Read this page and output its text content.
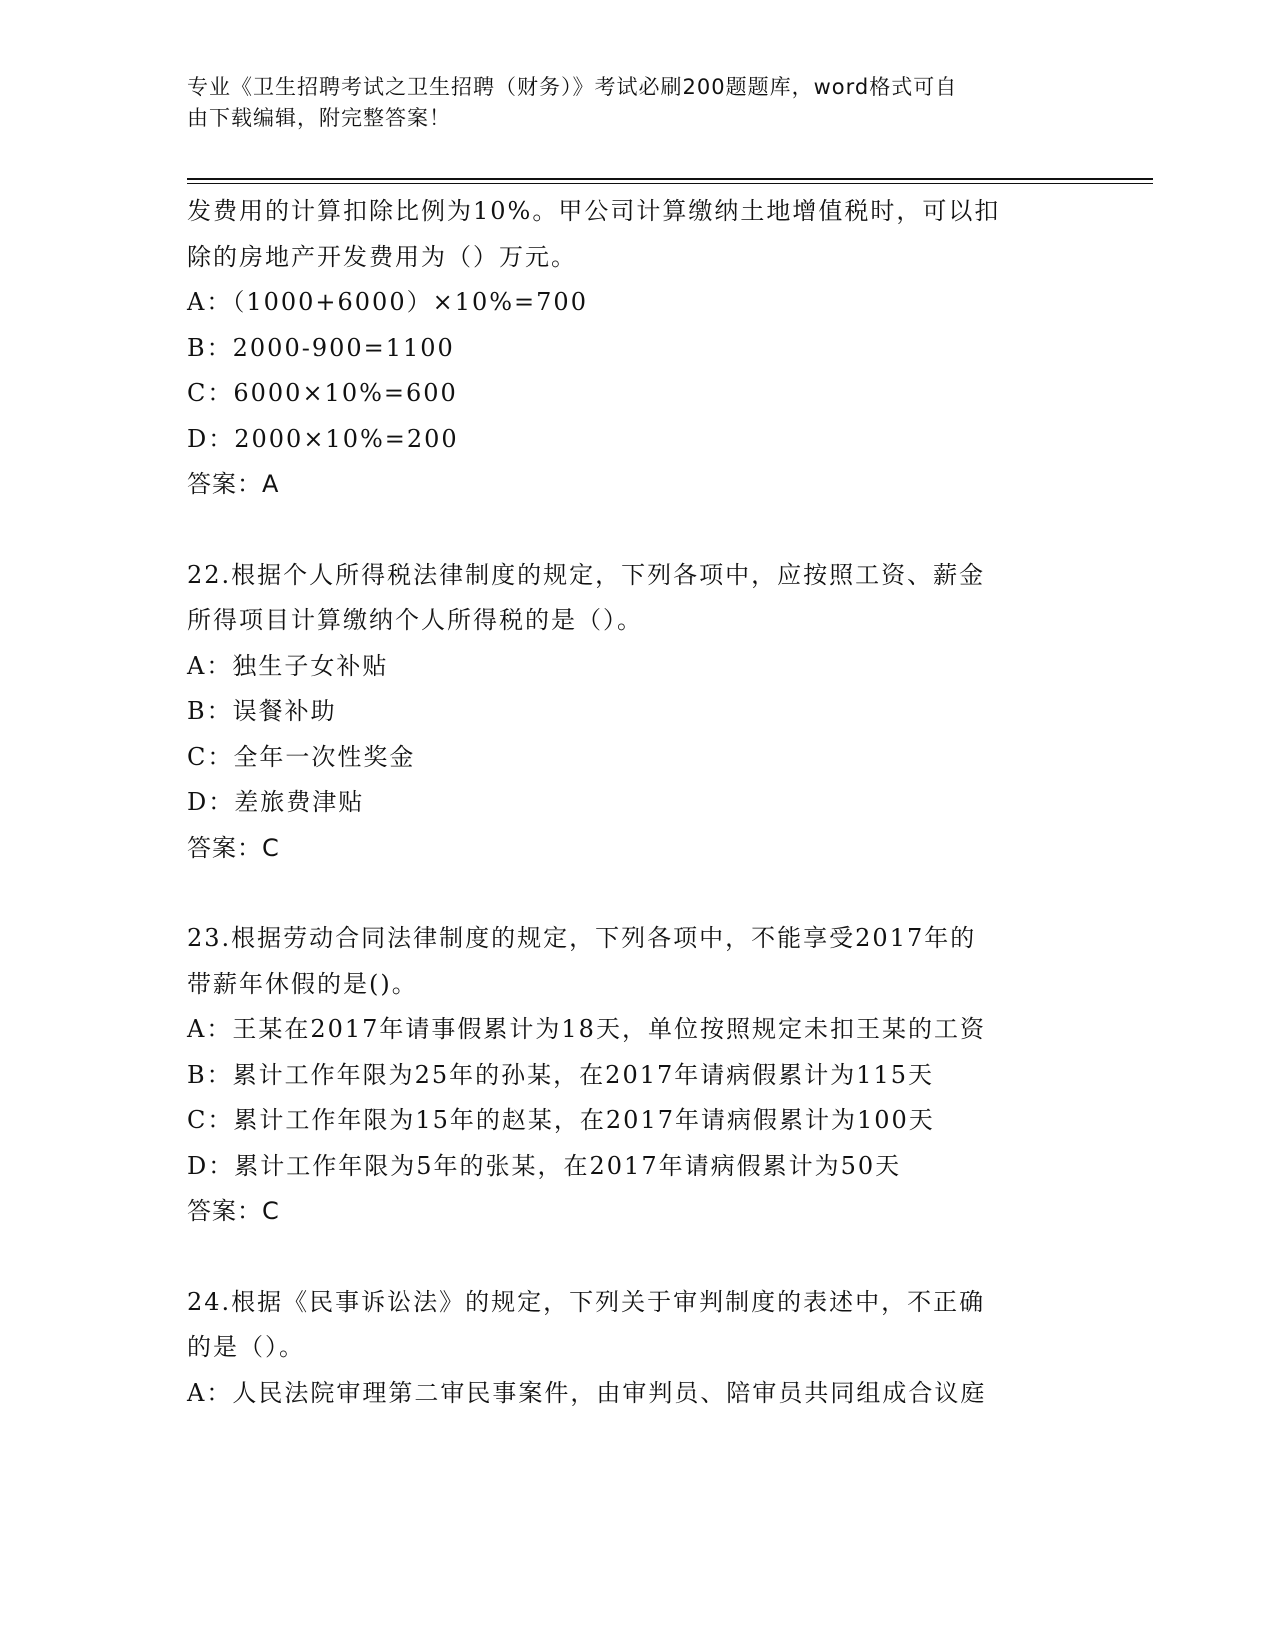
专业《卫生招聘考试之卫生招聘（财务）》考试必刷200题题库，word格式可自
由下载编辑，附完整答案！
发费用的计算扣除比例为10%。甲公司计算缴纳土地增值税时，可以扣
除的房地产开发费用为（）万元。
A：（1000+6000）×10%=700
B：2000-900=1100
C：6000×10%=600
D：2000×10%=200
答案：A
22.根据个人所得税法律制度的规定，下列各项中，应按照工资、薪金
所得项目计算缴纳个人所得税的是（）。
A：独生子女补贴
B：误餐补助
C：全年一次性奖金
D：差旅费津贴
答案：C
23.根据劳动合同法律制度的规定，下列各项中，不能享受2017年的
带薪年休假的是()。
A：王某在2017年请事假累计为18天，单位按照规定未扣王某的工资
B：累计工作年限为25年的孙某，在2017年请病假累计为115天
C：累计工作年限为15年的赵某，在2017年请病假累计为100天
D：累计工作年限为5年的张某，在2017年请病假累计为50天
答案：C
24.根据《民事诉讼法》的规定，下列关于审判制度的表述中，不正确
的是（）。
A：人民法院审理第二审民事案件，由审判员、陪审员共同组成合议庭
